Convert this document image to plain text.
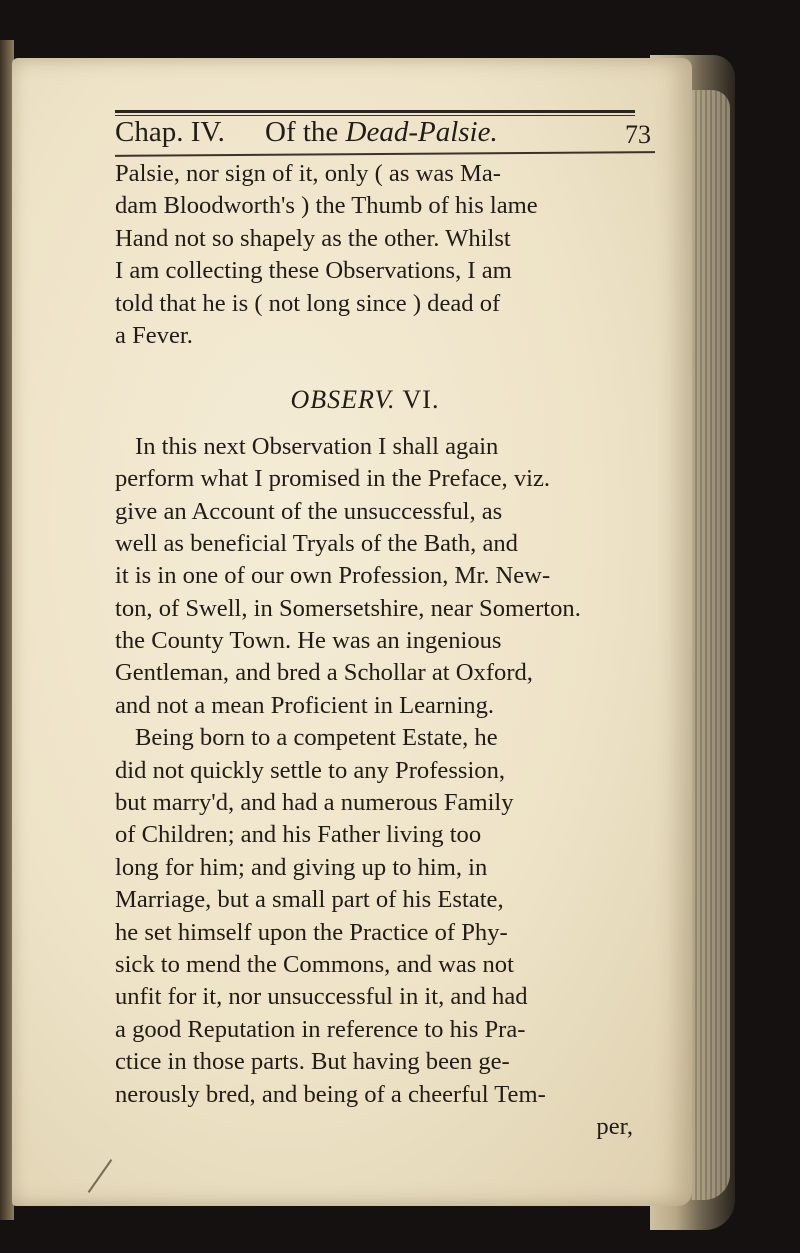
Chap. IV. Of the Dead-Palsie.	73
Palsie, nor sign of it, only ( as was Ma-
dam Bloodworth's ) the Thumb of his lame
Hand not so shapely as the other. Whilst
I am collecting these Observations, I am
told that he is ( not long since ) dead of
a Fever.
OBSERV. VI.
In this next Observation I shall again
perform what I promised in the Preface, viz.
give an Account of the unsuccessful, as
well as beneficial Tryals of the Bath, and
it is in one of our own Profession, Mr. New-
ton, of Swell, in Somersetshire, near Somerton.
the County Town. He was an ingenious
Gentleman, and bred a Schollar at Oxford,
and not a mean Proficient in Learning.
Being born to a competent Estate, he
did not quickly settle to any Profession,
but marry'd, and had a numerous Family
of Children; and his Father living too
long for him; and giving up to him, in
Marriage, but a small part of his Estate,
he set himself upon the Practice of Phy-
sick to mend the Commons, and was not
unfit for it, nor unsuccessful in it, and had
a good Reputation in reference to his Pra-
ctice in those parts. But having been ge-
nerously bred, and being of a cheerful Tem-
per,
